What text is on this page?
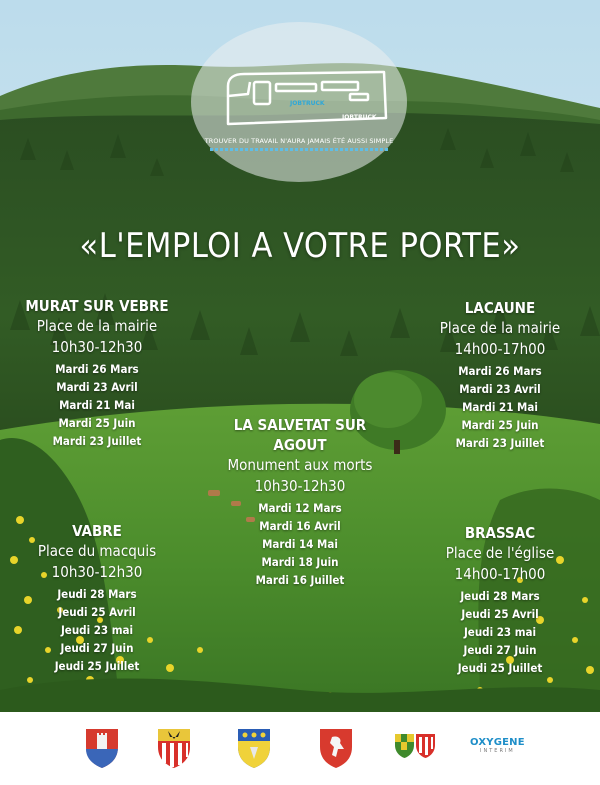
JOBTRUCK
JOBTRUCK
TROUVER DU TRAVAIL N'AURA JAMAIS ÉTÉ AUSSI SIMPLE
«L'EMPLOI A VOTRE PORTE»
MURAT SUR VEBRE
Place de la mairie
10h30-12h30
Mardi 26 Mars
Mardi 23 Avril
Mardi 21 Mai
Mardi 25 Juin
Mardi 23 Juillet
LACAUNE
Place de la mairie
14h00-17h00
Mardi 26 Mars
Mardi 23 Avril
Mardi 21 Mai
Mardi 25 Juin
Mardi 23 Juillet
LA SALVETAT SUR AGOUT
Monument aux morts
10h30-12h30
Mardi 12 Mars
Mardi 16 Avril
Mardi 14 Mai
Mardi 18 Juin
Mardi 16 Juillet
VABRE
Place du macquis
10h30-12h30
Jeudi 28 Mars
Jeudi 25 Avril
Jeudi 23 mai
Jeudi 27 Juin
Jeudi 25 Juillet
BRASSAC
Place de l'église
14h00-17h00
Jeudi 28 Mars
Jeudi 25 Avril
Jeudi 23 mai
Jeudi 27 Juin
Jeudi 25 Juillet
OXYGENE
INTERIM
